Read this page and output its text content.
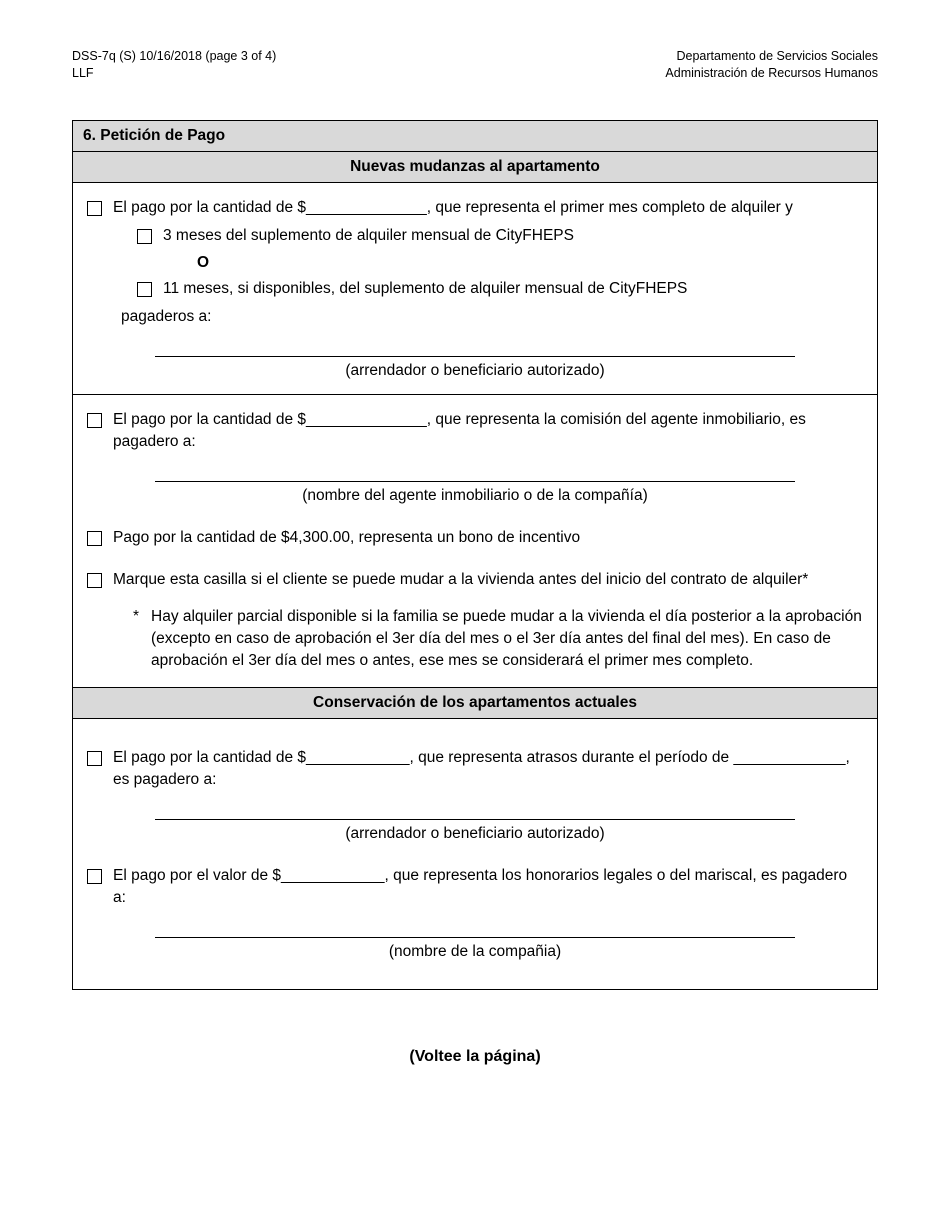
DSS-7q (S) 10/16/2018 (page 3 of 4)
LLF
Departamento de Servicios Sociales
Administración de Recursos Humanos
6. Petición de Pago
Nuevas mudanzas al apartamento
El pago por la cantidad de $______________, que representa el primer mes completo de alquiler y
3 meses del suplemento de alquiler mensual de CityFHEPS
O
11 meses, si disponibles, del suplemento de alquiler mensual de CityFHEPS
pagaderos a:
(arrendador o beneficiario autorizado)
El pago por la cantidad de $______________, que representa la comisión del agente inmobiliario, es pagadero a:
(nombre del agente inmobiliario o de la compañía)
Pago por la cantidad de $4,300.00, representa un bono de incentivo
Marque esta casilla si el cliente se puede mudar a la vivienda antes del inicio del contrato de alquiler*
* Hay alquiler parcial disponible si la familia se puede mudar a la vivienda el día posterior a la aprobación (excepto en caso de aprobación el 3er día del mes o el 3er día antes del final del mes). En caso de aprobación el 3er día del mes o antes, ese mes se considerará el primer mes completo.
Conservación de los apartamentos actuales
El pago por la cantidad de $____________, que representa atrasos durante el período de _____________, es pagadero a:
(arrendador o beneficiario autorizado)
El pago por el valor de $____________, que representa los honorarios legales o del mariscal, es pagadero a:
(nombre de la compañia)
(Voltee la página)
